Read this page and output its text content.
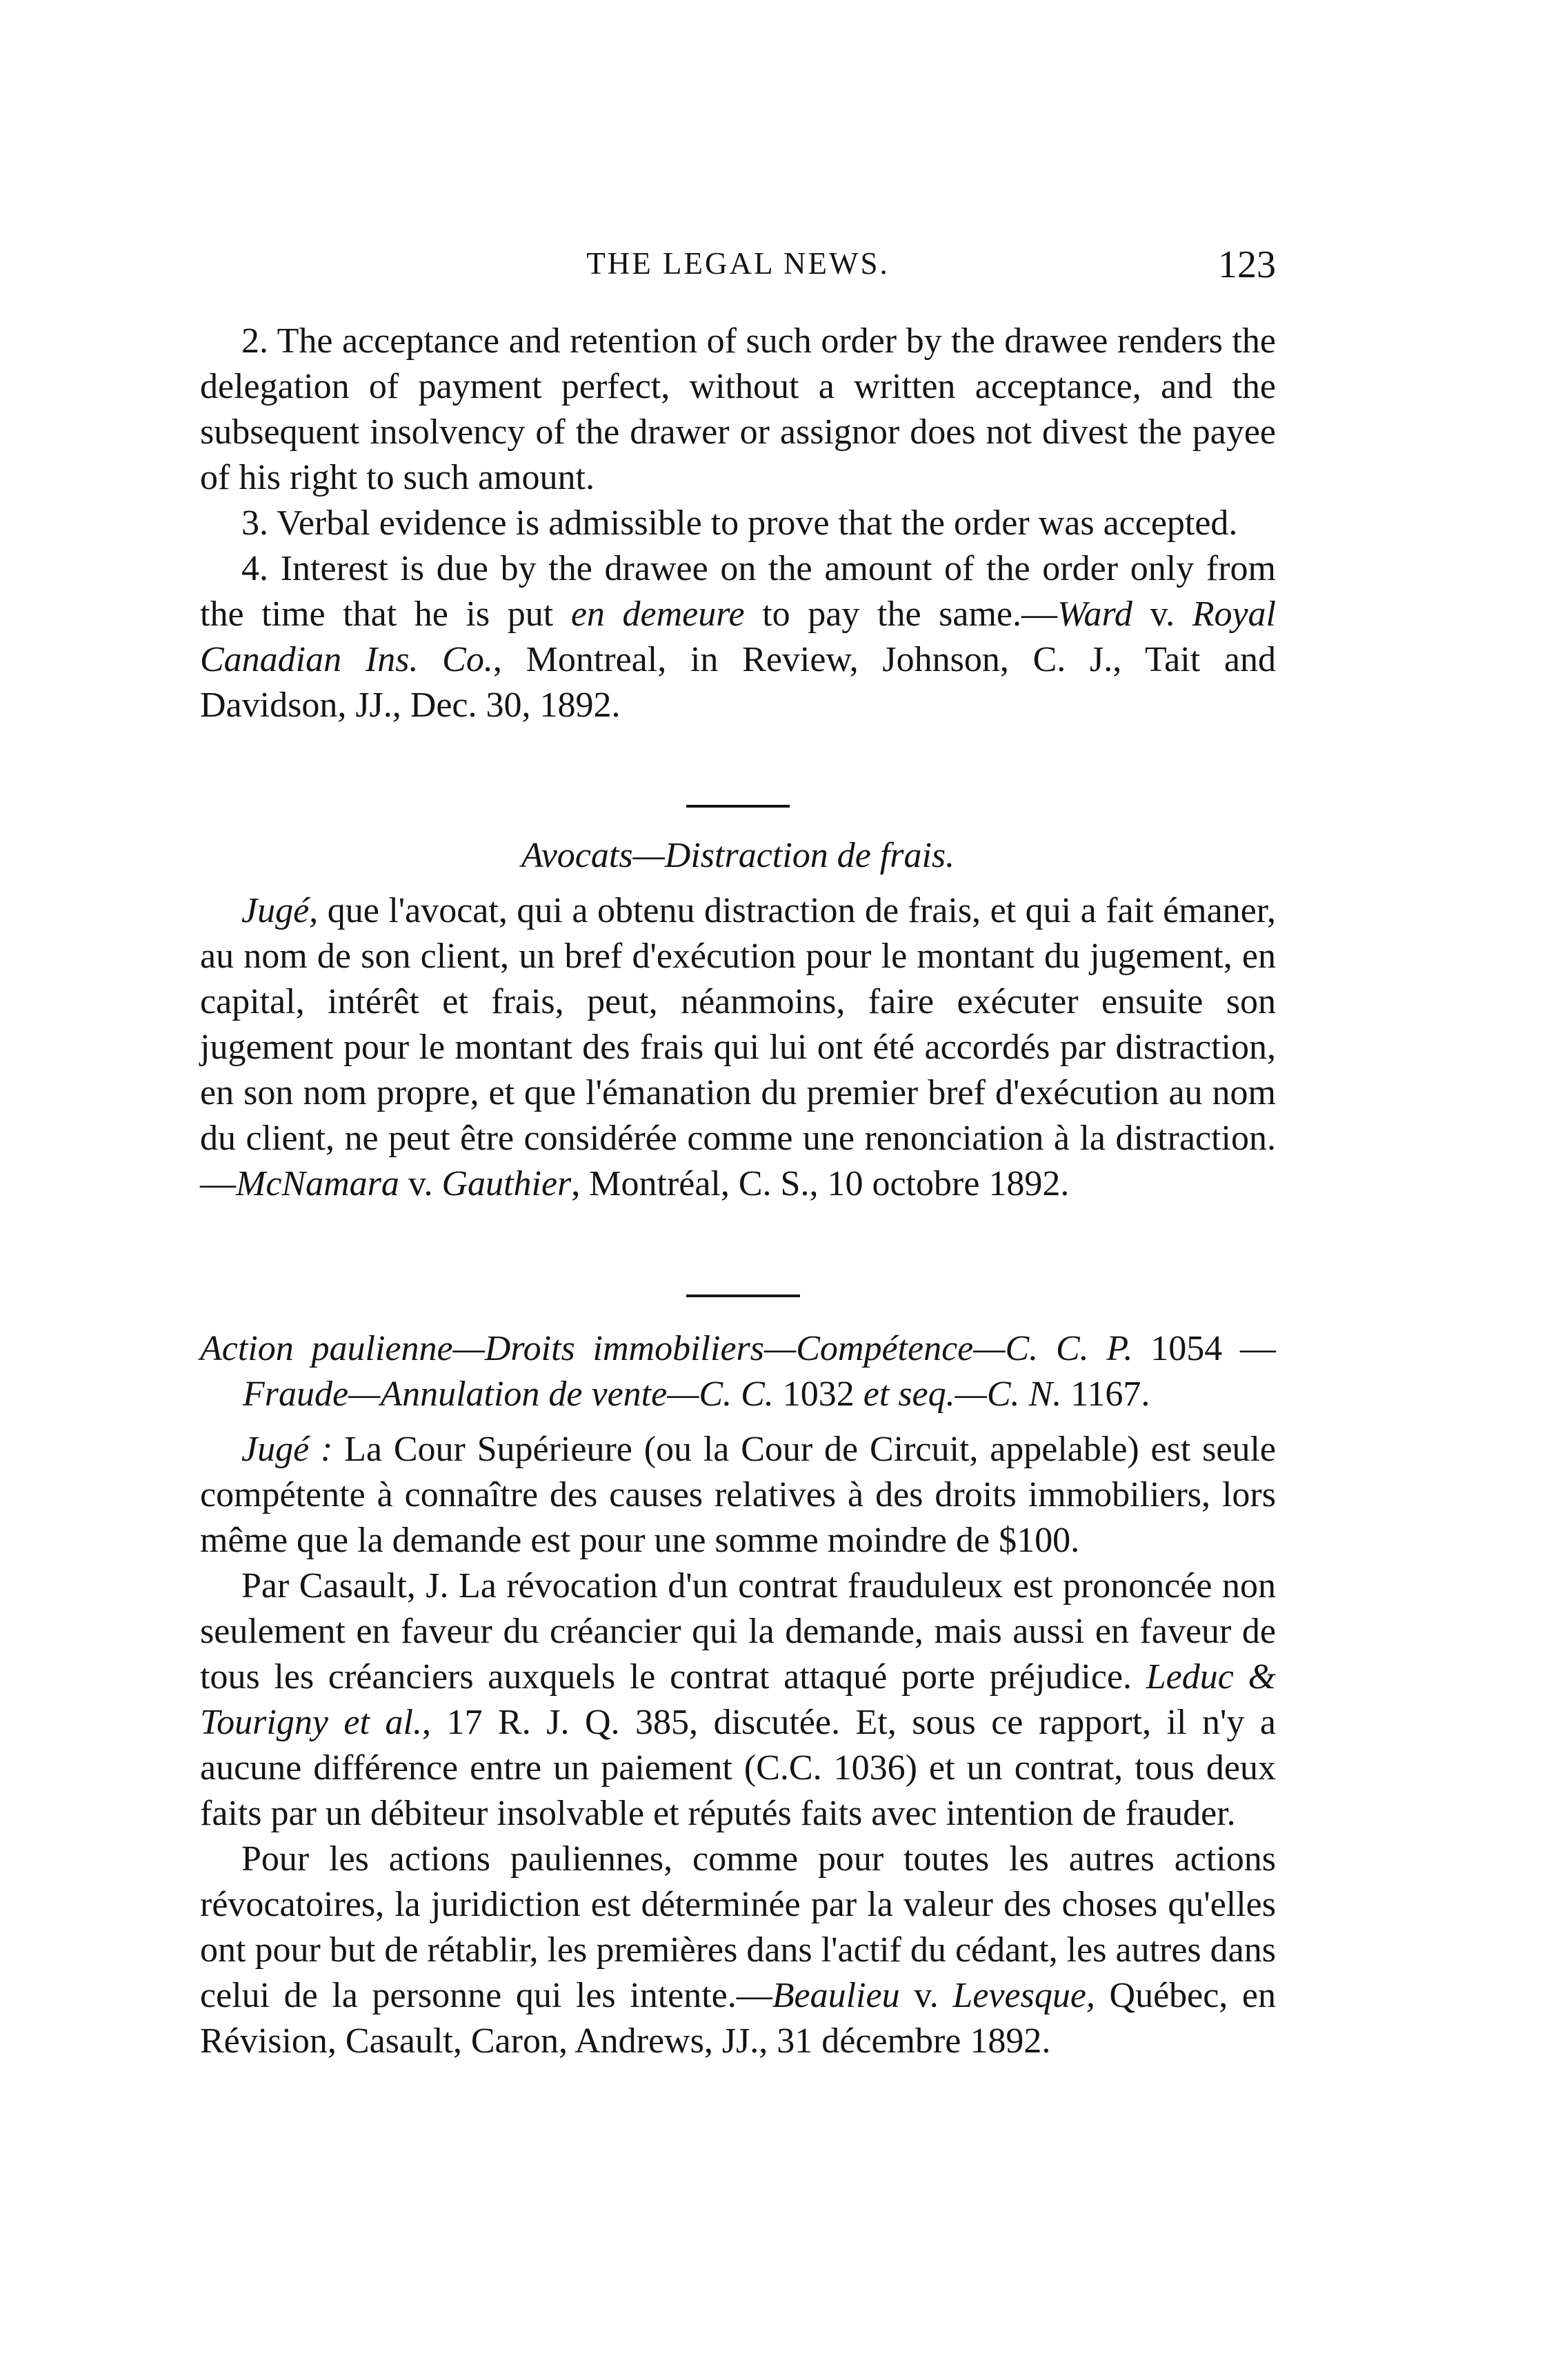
THE LEGAL NEWS.	123

2. The acceptance and retention of such order by the drawee renders the delegation of payment perfect, without a written acceptance, and the subsequent insolvency of the drawer or assignor does not divest the payee of his right to such amount.

3. Verbal evidence is admissible to prove that the order was accepted.

4. Interest is due by the drawee on the amount of the order only from the time that he is put en demeure to pay the same.—Ward v. Royal Canadian Ins. Co., Montreal, in Review, Johnson, C. J., Tait and Davidson, JJ., Dec. 30, 1892.

Avocats—Distraction de frais.

Jugé, que l'avocat, qui a obtenu distraction de frais, et qui a fait émaner, au nom de son client, un bref d'exécution pour le montant du jugement, en capital, intérêt et frais, peut, néanmoins, faire exécuter ensuite son jugement pour le montant des frais qui lui ont été accordés par distraction, en son nom propre, et que l'émanation du premier bref d'exécution au nom du client, ne peut être considérée comme une renonciation à la distraction.—McNamara v. Gauthier, Montréal, C. S., 10 octobre 1892.

Action paulienne—Droits immobiliers—Compétence—C. C. P. 1054 —Fraude—Annulation de vente—C. C. 1032 et seq.—C. N. 1167.

Jugé : La Cour Supérieure (ou la Cour de Circuit, appelable) est seule compétente à connaître des causes relatives à des droits immobiliers, lors même que la demande est pour une somme moindre de $100.

Par Casault, J. La révocation d'un contrat frauduleux est prononcée non seulement en faveur du créancier qui la demande, mais aussi en faveur de tous les créanciers auxquels le contrat attaqué porte préjudice. Leduc & Tourigny et al., 17 R. J. Q. 385, discutée. Et, sous ce rapport, il n'y a aucune différence entre un paiement (C.C. 1036) et un contrat, tous deux faits par un débiteur insolvable et réputés faits avec intention de frauder.

Pour les actions pauliennes, comme pour toutes les autres actions révocatoires, la juridiction est déterminée par la valeur des choses qu'elles ont pour but de rétablir, les premières dans l'actif du cédant, les autres dans celui de la personne qui les intente.—Beaulieu v. Levesque, Québec, en Révision, Casault, Caron, Andrews, JJ., 31 décembre 1892.
